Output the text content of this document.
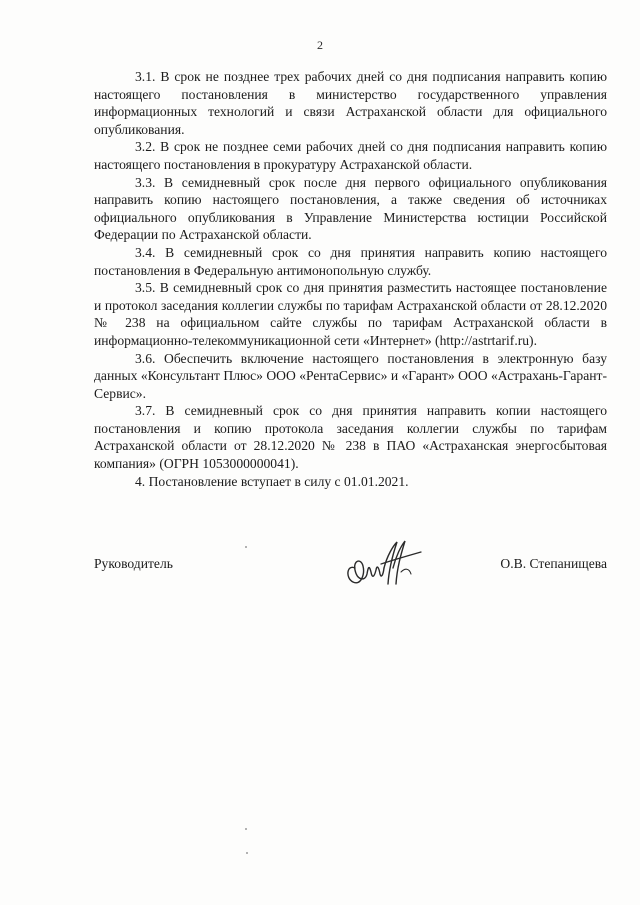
2

3.1. В срок не позднее трех рабочих дней со дня подписания направить копию настоящего постановления в министерство государственного управления информационных технологий и связи Астраханской области для официального опубликования.

3.2. В срок не позднее семи рабочих дней со дня подписания направить копию настоящего постановления в прокуратуру Астраханской области.

3.3. В семидневный срок после дня первого официального опубликования направить копию настоящего постановления, а также сведения об источниках официального опубликования в Управление Министерства юстиции Российской Федерации по Астраханской области.

3.4. В семидневный срок со дня принятия направить копию настоящего постановления в Федеральную антимонопольную службу.

3.5. В семидневный срок со дня принятия разместить настоящее постановление и протокол заседания коллегии службы по тарифам Астраханской области от 28.12.2020 № 238 на официальном сайте службы по тарифам Астраханской области в информационно-телекоммуникационной сети «Интернет» (http://astrtarif.ru).

3.6. Обеспечить включение настоящего постановления в электронную базу данных «Консультант Плюс» ООО «РентаСервис» и «Гарант» ООО «Астрахань-Гарант-Сервис».

3.7. В семидневный срок со дня принятия направить копии настоящего постановления и копию протокола заседания коллегии службы по тарифам Астраханской области от 28.12.2020 № 238 в ПАО «Астраханская энергосбытовая компания» (ОГРН 1053000000041).

4. Постановление вступает в силу с 01.01.2021.

Руководитель	О.В. Степанищева
